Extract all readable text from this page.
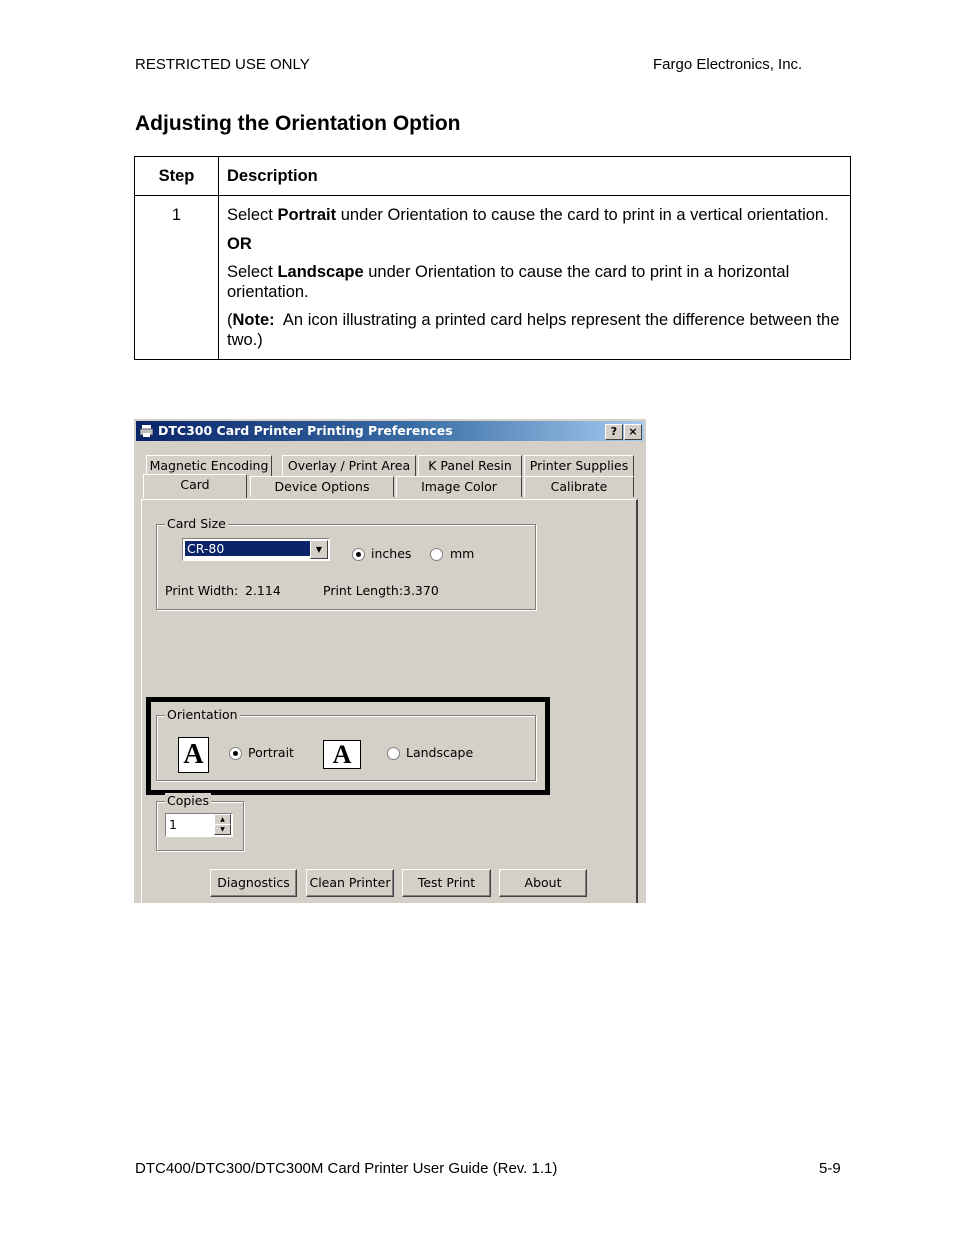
RESTRICTED USE ONLY	Fargo Electronics, Inc.
Adjusting the Orientation Option
Step	Description
1	Select Portrait under Orientation to cause the card to print in a vertical orientation.

OR

Select Landscape under Orientation to cause the card to print in a horizontal orientation.

(Note:  An icon illustrating a printed card helps represent the difference between the two.)

DTC300 Card Printer Printing Preferences	?	×
Magnetic Encoding	Overlay / Print Area	K Panel Resin	Printer Supplies
Card	Device Options	Image Color	Calibrate
Card Size
CR-80	▼	inches	mm
Print Width: 2.114	Print Length: 3.370
Orientation
A	Portrait	A	Landscape
Copies
1	▲
▼
Diagnostics	Clean Printer	Test Print	About
DTC400/DTC300/DTC300M Card Printer User Guide (Rev. 1.1)	5-9
